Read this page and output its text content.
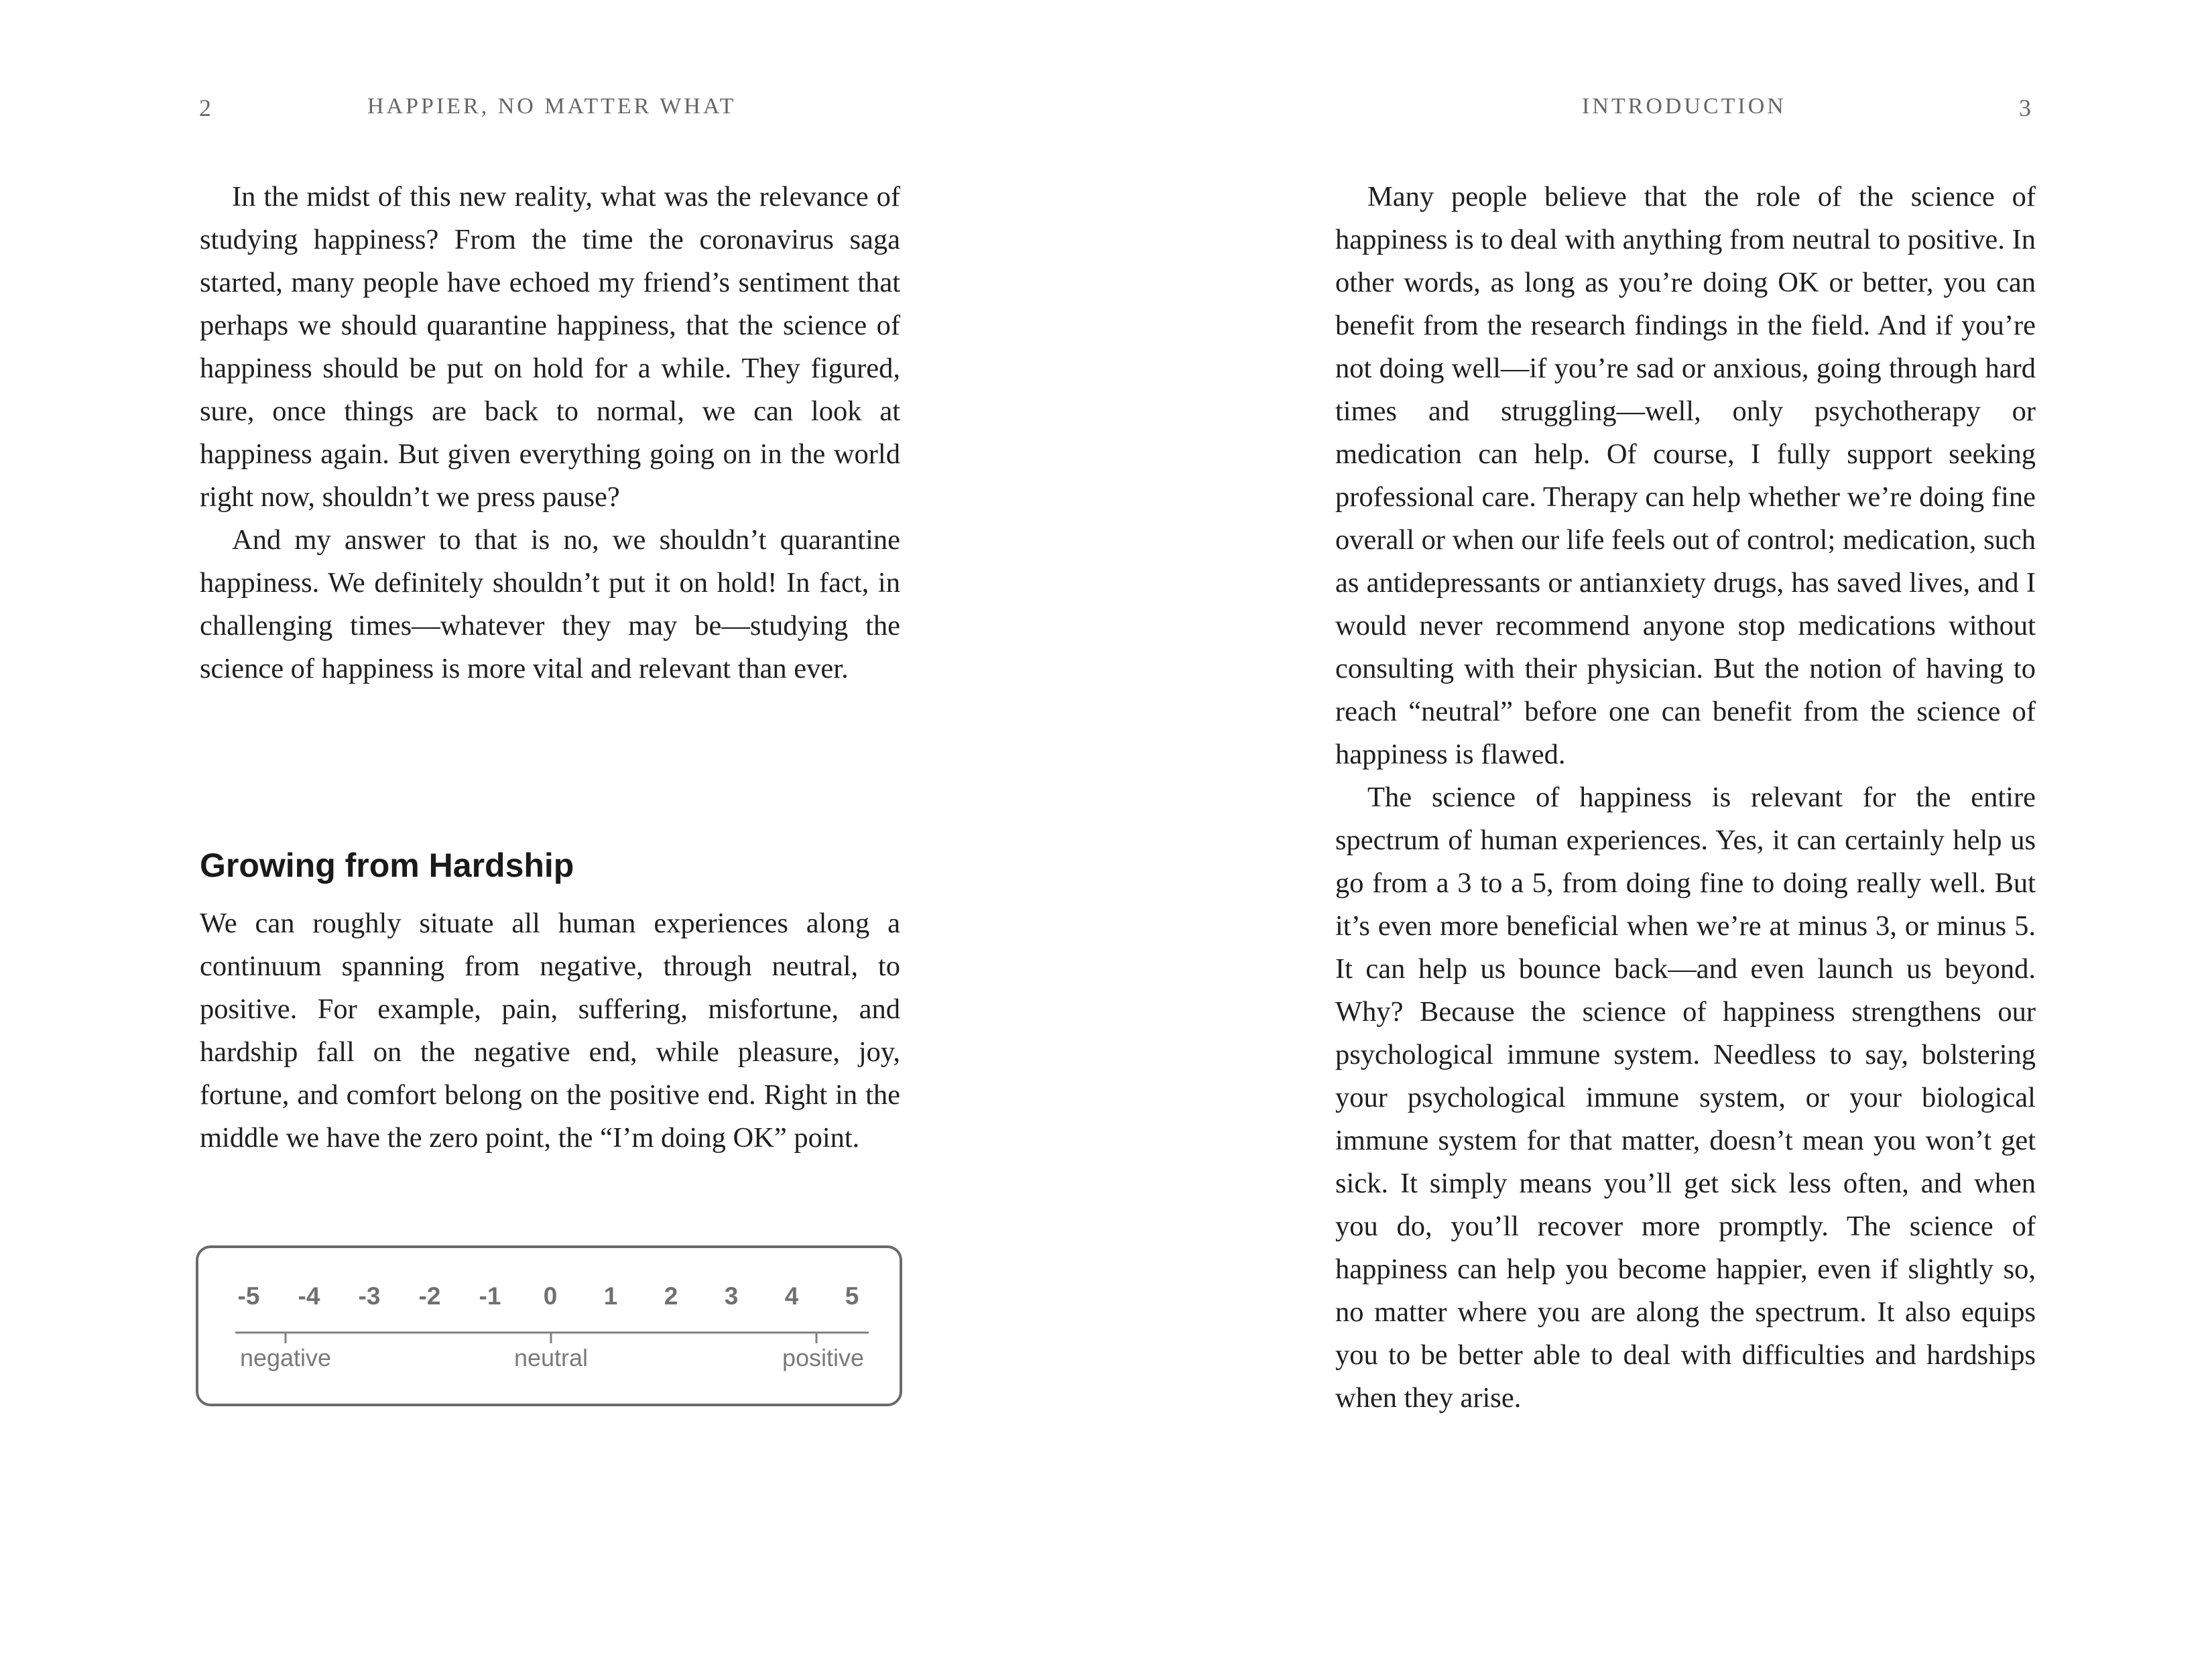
2	HAPPIER, NO MATTER WHAT

In the midst of this new reality, what was the relevance of studying happiness? From the time the coronavirus saga started, many people have echoed my friend’s sentiment that perhaps we should quarantine happiness, that the science of happiness should be put on hold for a while. They figured, sure, once things are back to normal, we can look at happiness again. But given everything going on in the world right now, shouldn’t we press pause?

And my answer to that is no, we shouldn’t quarantine happiness. We definitely shouldn’t put it on hold! In fact, in challenging times—whatever they may be—studying the science of happiness is more vital and relevant than ever.

Growing from Hardship

We can roughly situate all human experiences along a continuum spanning from negative, through neutral, to positive. For example, pain, suffering, misfortune, and hardship fall on the negative end, while pleasure, joy, fortune, and comfort belong on the positive end. Right in the middle we have the zero point, the “I’m doing OK” point.

-5 -4 -3 -2 -1 0 1 2 3 4 5
negative	neutral	positive
INTRODUCTION	3

Many people believe that the role of the science of happiness is to deal with anything from neutral to positive. In other words, as long as you’re doing OK or better, you can benefit from the research findings in the field. And if you’re not doing well—if you’re sad or anxious, going through hard times and struggling—well, only psychotherapy or medication can help. Of course, I fully support seeking professional care. Therapy can help whether we’re doing fine overall or when our life feels out of control; medication, such as antidepressants or antianxiety drugs, has saved lives, and I would never recommend anyone stop medications without consulting with their physician. But the notion of having to reach “neutral” before one can benefit from the science of happiness is flawed.

The science of happiness is relevant for the entire spectrum of human experiences. Yes, it can certainly help us go from a 3 to a 5, from doing fine to doing really well. But it’s even more beneficial when we’re at minus 3, or minus 5. It can help us bounce back—and even launch us beyond. Why? Because the science of happiness strengthens our psychological immune system. Needless to say, bolstering your psychological immune system, or your biological immune system for that matter, doesn’t mean you won’t get sick. It simply means you’ll get sick less often, and when you do, you’ll recover more promptly. The science of happiness can help you become happier, even if slightly so, no matter where you are along the spectrum. It also equips you to be better able to deal with difficulties and hardships when they arise.
